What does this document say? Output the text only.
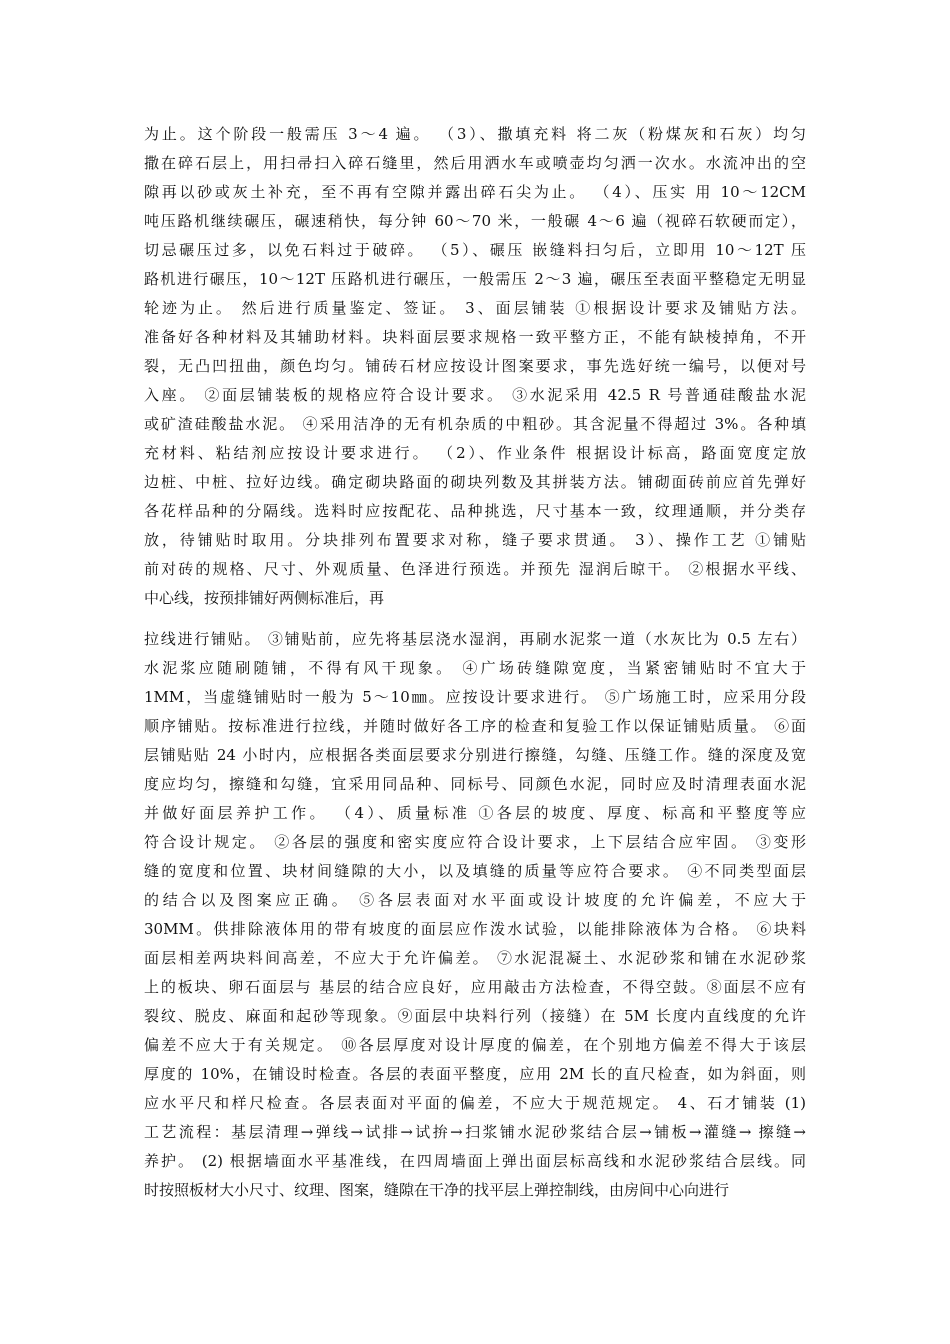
为止。这个阶段一般需压 3～4 遍。 （3）、撒填充料 将二灰（粉煤灰和石灰）均匀
撒在碎石层上，用扫帚扫入碎石缝里，然后用洒水车或喷壶均匀洒一次水。水流冲出的空
隙再以砂或灰土补充，至不再有空隙并露出碎石尖为止。 （4）、压实 用 10～12CM
吨压路机继续碾压，碾速稍快，每分钟 60～70 米，一般碾 4～6 遍（视碎石软硬而定），
切忌碾压过多，以免石料过于破碎。 （5）、碾压 嵌缝料扫匀后，立即用 10～12T 压
路机进行碾压，10～12T 压路机进行碾压，一般需压 2～3 遍，碾压至表面平整稳定无明显
轮迹为止。 然后进行质量鉴定、签证。 3、面层铺装 ①根据设计要求及铺贴方法。
准备好各种材料及其辅助材料。块料面层要求规格一致平整方正，不能有缺棱掉角，不开
裂，无凸凹扭曲，颜色均匀。铺砖石材应按设计图案要求，事先选好统一编号，以便对号
入座。 ②面层铺装板的规格应符合设计要求。 ③水泥采用 42.5 R 号普通硅酸盐水泥
或矿渣硅酸盐水泥。 ④采用洁净的无有机杂质的中粗砂。其含泥量不得超过 3%。各种填
充材料、粘结剂应按设计要求进行。 （2）、作业条件 根据设计标高，路面宽度定放
边桩、中桩、拉好边线。确定砌块路面的砌块列数及其拼装方法。铺砌面砖前应首先弹好
各花样品种的分隔线。选料时应按配花、品种挑选，尺寸基本一致，纹理通顺，并分类存
放，待铺贴时取用。分块排列布置要求对称，缝子要求贯通。 3）、操作工艺 ①铺贴
前对砖的规格、尺寸、外观质量、色泽进行预选。并预先 湿润后晾干。 ②根据水平线、
中心线，按预排铺好两侧标准后，再
拉线进行铺贴。 ③铺贴前，应先将基层浇水湿润，再刷水泥浆一道（水灰比为 0.5 左右）
水泥浆应随刷随铺，不得有风干现象。 ④广场砖缝隙宽度，当紧密铺贴时不宜大于
1MM，当虚缝铺贴时一般为 5～10㎜。应按设计要求进行。 ⑤广场施工时，应采用分段
顺序铺贴。按标准进行拉线，并随时做好各工序的检查和复验工作以保证铺贴质量。 ⑥面
层铺贴贴 24 小时内，应根据各类面层要求分别进行擦缝，勾缝、压缝工作。缝的深度及宽
度应均匀，擦缝和勾缝，宜采用同品种、同标号、同颜色水泥，同时应及时清理表面水泥
并做好面层养护工作。 （4）、质量标准 ①各层的坡度、厚度、标高和平整度等应
符合设计规定。 ②各层的强度和密实度应符合设计要求，上下层结合应牢固。 ③变形
缝的宽度和位置、块材间缝隙的大小，以及填缝的质量等应符合要求。 ④不同类型面层
的结合以及图案应正确。 ⑤各层表面对水平面或设计坡度的允许偏差，不应大于
30MM。供排除液体用的带有坡度的面层应作泼水试验，以能排除液体为合格。 ⑥块料
面层相差两块料间高差，不应大于允许偏差。 ⑦水泥混凝土、水泥砂浆和铺在水泥砂浆
上的板块、卵石面层与 基层的结合应良好，应用敲击方法检查，不得空鼓。⑧面层不应有
裂纹、脱皮、麻面和起砂等现象。⑨面层中块料行列（接缝）在 5M 长度内直线度的允许
偏差不应大于有关规定。 ⑩各层厚度对设计厚度的偏差，在个别地方偏差不得大于该层
厚度的 10%，在铺设时检查。各层的表面平整度，应用 2M 长的直尺检查，如为斜面，则
应水平尺和样尺检查。各层表面对平面的偏差，不应大于规范规定。 4、石才铺装 (1)
工艺流程：基层清理→弹线→试排→试拚→扫浆铺水泥砂浆结合层→铺板→灌缝→ 擦缝→
养护。 (2) 根据墙面水平基准线，在四周墙面上弹出面层标高线和水泥砂浆结合层线。同
时按照板材大小尺寸、纹理、图案，缝隙在干净的找平层上弹控制线，由房间中心向进行
